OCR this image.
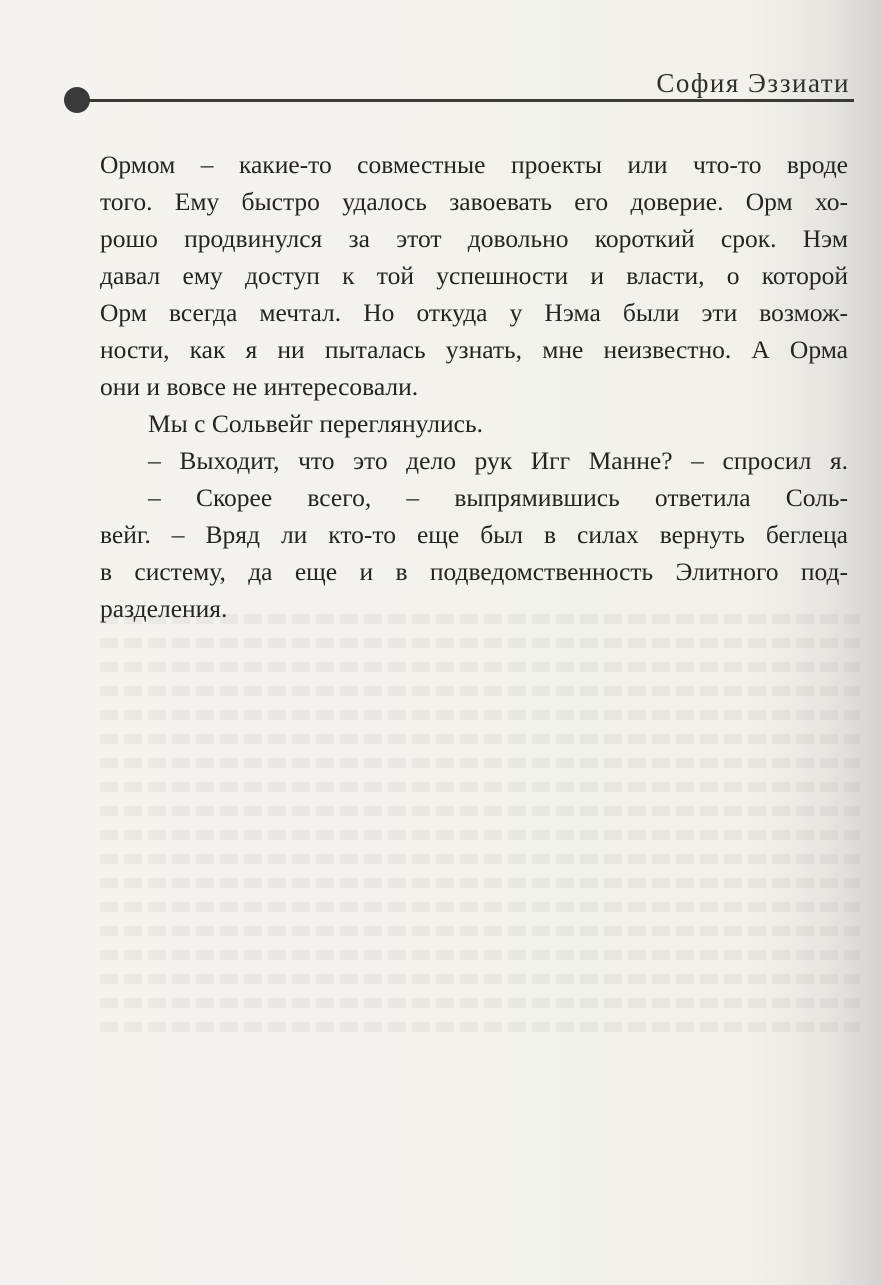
София Эззиати
Ормом – какие-то совместные проекты или что-то вроде
того. Ему быстро удалось завоевать его доверие. Орм хо-
рошо продвинулся за этот довольно короткий срок. Нэм
давал ему доступ к той успешности и власти, о которой
Орм всегда мечтал. Но откуда у Нэма были эти возмож-
ности, как я ни пыталась узнать, мне неизвестно. А Орма
они и вовсе не интересовали.
Мы с Сольвейг переглянулись.
– Выходит, что это дело рук Игг Манне? – спросил я.
– Скорее всего, – выпрямившись ответила Соль-
вейг. – Вряд ли кто-то еще был в силах вернуть беглеца
в систему, да еще и в подведомственность Элитного под-
разделения.
